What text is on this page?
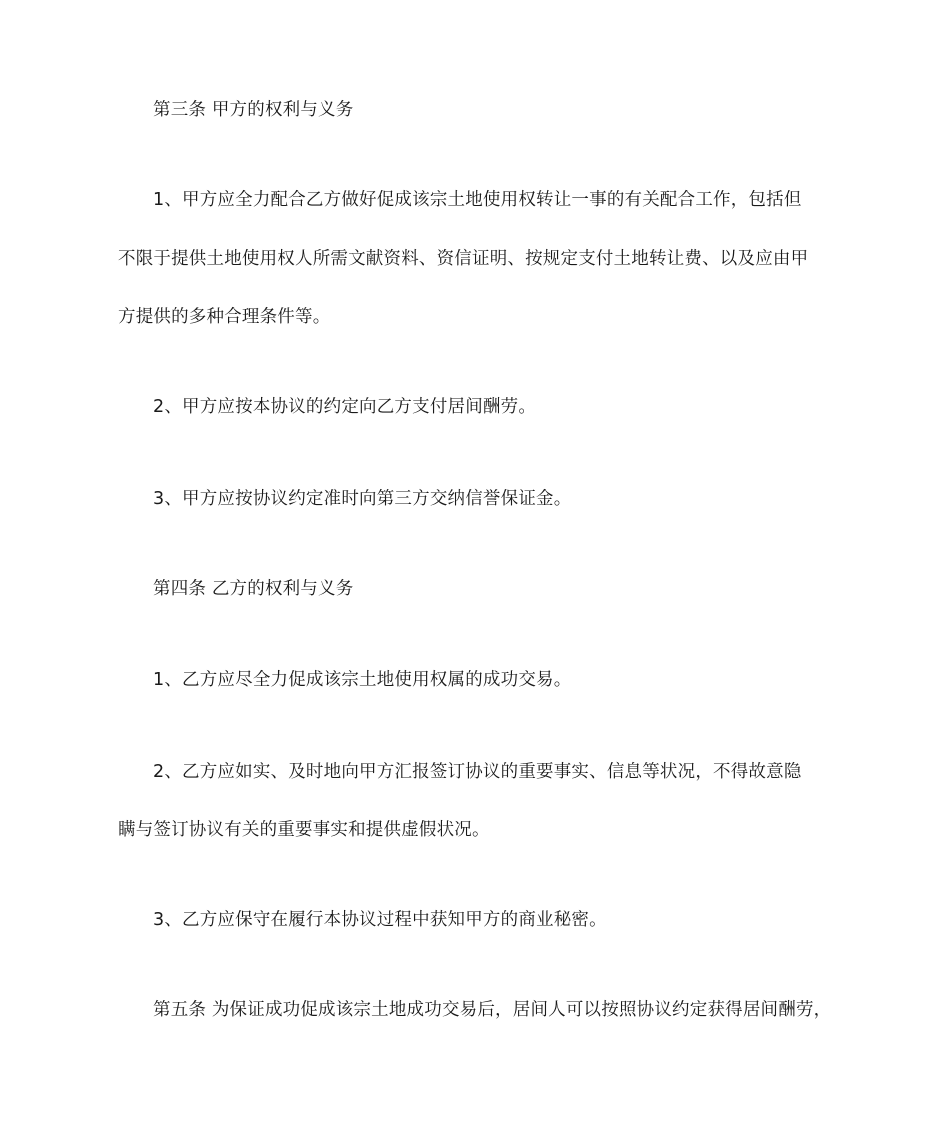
第三条 甲方的权利与义务
1、甲方应全力配合乙方做好促成该宗土地使用权转让一事的有关配合工作，包括但
不限于提供土地使用权人所需文献资料、资信证明、按规定支付土地转让费、以及应由甲
方提供的多种合理条件等。
2、甲方应按本协议的约定向乙方支付居间酬劳。
3、甲方应按协议约定准时向第三方交纳信誉保证金。
第四条 乙方的权利与义务
1、乙方应尽全力促成该宗土地使用权属的成功交易。
2、乙方应如实、及时地向甲方汇报签订协议的重要事实、信息等状况，不得故意隐
瞒与签订协议有关的重要事实和提供虚假状况。
3、乙方应保守在履行本协议过程中获知甲方的商业秘密。
第五条 为保证成功促成该宗土地成功交易后，居间人可以按照协议约定获得居间酬劳，
